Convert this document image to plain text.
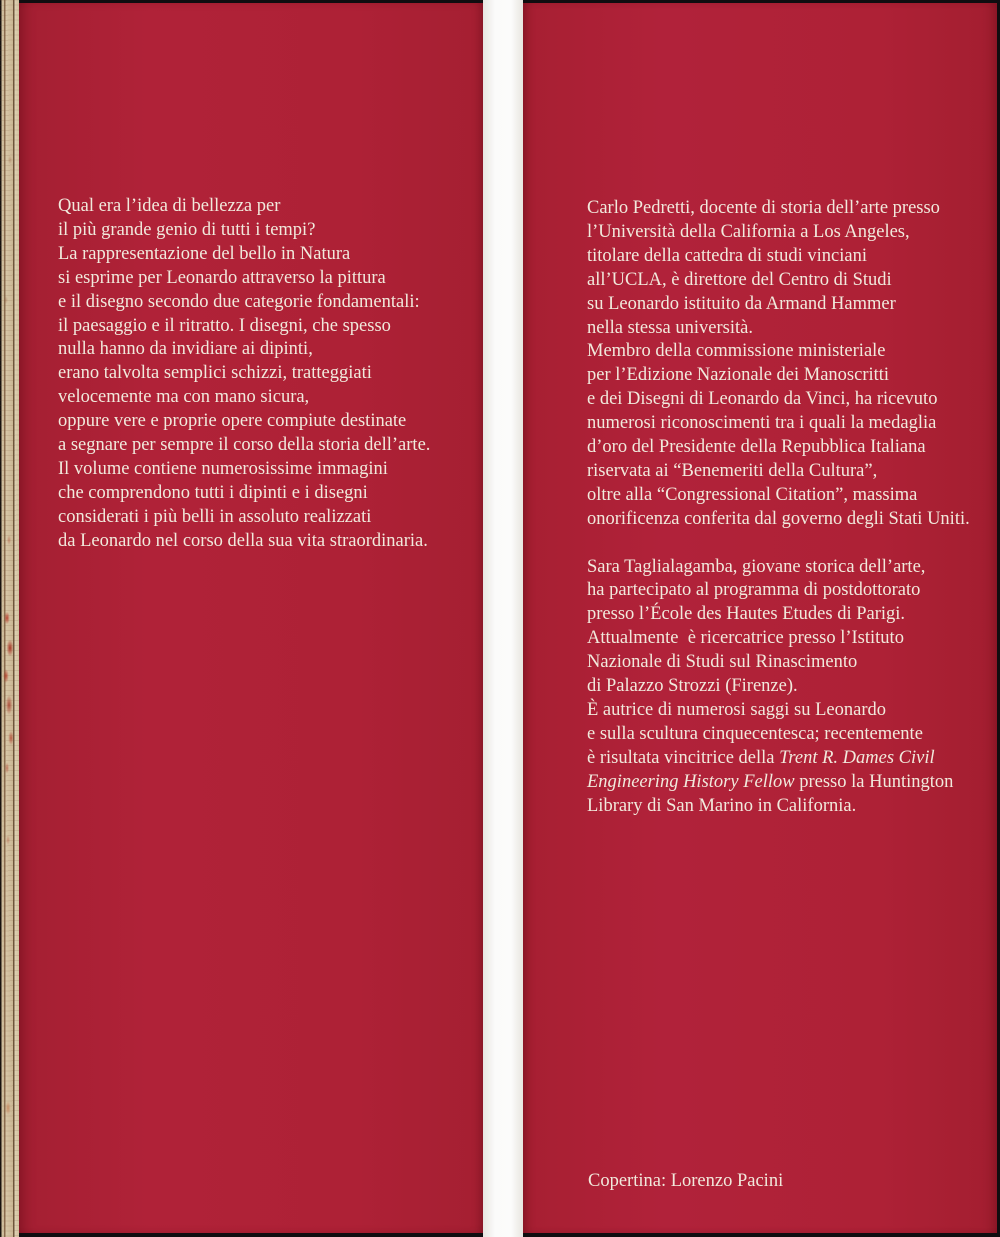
Qual era l’idea di bellezza per
il più grande genio di tutti i tempi?
La rappresentazione del bello in Natura
si esprime per Leonardo attraverso la pittura
e il disegno secondo due categorie fondamentali:
il paesaggio e il ritratto. I disegni, che spesso
nulla hanno da invidiare ai dipinti,
erano talvolta semplici schizzi, tratteggiati
velocemente ma con mano sicura,
oppure vere e proprie opere compiute destinate
a segnare per sempre il corso della storia dell’arte.
Il volume contiene numerosissime immagini
che comprendono tutti i dipinti e i disegni
considerati i più belli in assoluto realizzati
da Leonardo nel corso della sua vita straordinaria.
Carlo Pedretti, docente di storia dell’arte presso
l’Università della California a Los Angeles,
titolare della cattedra di studi vinciani
all’UCLA, è direttore del Centro di Studi
su Leonardo istituito da Armand Hammer
nella stessa università.
Membro della commissione ministeriale
per l’Edizione Nazionale dei Manoscritti
e dei Disegni di Leonardo da Vinci, ha ricevuto
numerosi riconoscimenti tra i quali la medaglia
d’oro del Presidente della Repubblica Italiana
riservata ai “Benemeriti della Cultura”,
oltre alla “Congressional Citation”, massima
onorificenza conferita dal governo degli Stati Uniti.
Sara Taglialagamba, giovane storica dell’arte,
ha partecipato al programma di postdottorato
presso l’École des Hautes Etudes di Parigi.
Attualmente  è ricercatrice presso l’Istituto
Nazionale di Studi sul Rinascimento
di Palazzo Strozzi (Firenze).
È autrice di numerosi saggi su Leonardo
e sulla scultura cinquecentesca; recentemente
è risultata vincitrice della Trent R. Dames Civil
Engineering History Fellow presso la Huntington
Library di San Marino in California.
Copertina: Lorenzo Pacini
